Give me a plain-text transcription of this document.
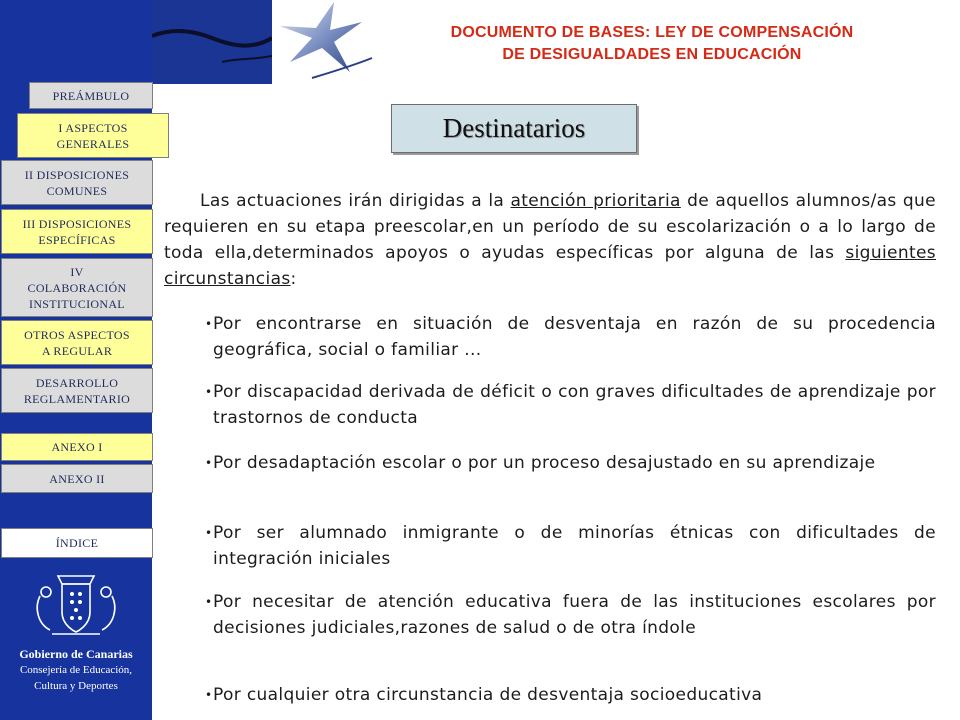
DOCUMENTO DE BASES: LEY DE COMPENSACIÓN
DE DESIGUALDADES EN EDUCACIÓN
PREÁMBULO
I ASPECTOS
GENERALES
II DISPOSICIONES
COMUNES
III DISPOSICIONES
ESPECÍFICAS
IV
COLABORACIÓN
INSTITUCIONAL
OTROS ASPECTOS
A REGULAR
DESARROLLO
REGLAMENTARIO
ANEXO I
ANEXO II
ÍNDICE
Destinatarios
Las actuaciones irán dirigidas a la atención prioritaria de aquellos alumnos/as que requieren en su etapa preescolar,en un período de su escolarización o a lo largo de toda ella,determinados apoyos o ayudas específicas por alguna de las siguientes circunstancias:
• Por encontrarse en situación de desventaja en razón de su procedencia geográfica, social o familiar ...
• Por discapacidad derivada de déficit o con graves dificultades de aprendizaje por trastornos de conducta
• Por desadaptación escolar o por un proceso desajustado en su aprendizaje
• Por ser alumnado inmigrante o de minorías étnicas con dificultades de integración iniciales
• Por necesitar de atención educativa fuera de las instituciones escolares por decisiones judiciales,razones de salud o de otra índole
• Por cualquier otra circunstancia de desventaja socioeducativa
Gobierno de Canarias
Consejería de Educación,
Cultura y Deportes
